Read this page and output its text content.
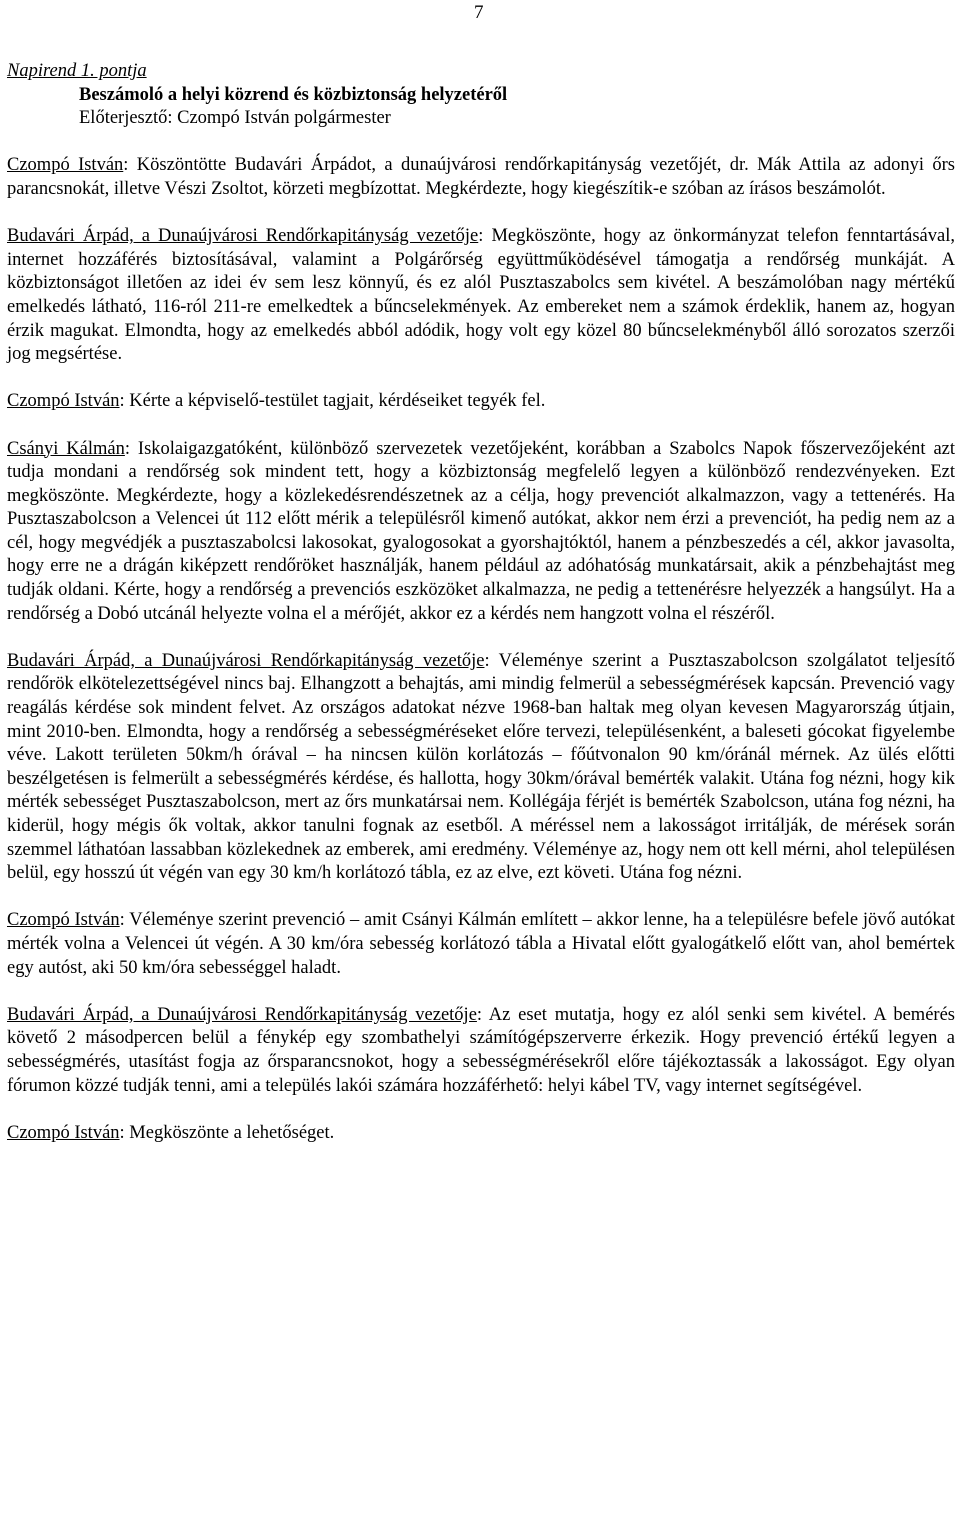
7
Napirend 1. pontja
Beszámoló a helyi közrend és közbiztonság helyzetéről
Előterjesztő: Czompó István polgármester

Czompó István: Köszöntötte Budavári Árpádot, a dunaújvárosi rendőrkapitányság vezetőjét, dr. Mák Attila az adonyi őrs parancsnokát, illetve Vészi Zsoltot, körzeti megbízottat. Megkérdezte, hogy kiegészítik-e szóban az írásos beszámolót.

Budavári Árpád, a Dunaújvárosi Rendőrkapitányság vezetője: Megköszönte, hogy az önkormányzat telefon fenntartásával, internet hozzáférés biztosításával, valamint a Polgárőrség együttműködésével támogatja a rendőrség munkáját. A közbiztonságot illetően az idei év sem lesz könnyű, és ez alól Pusztaszabolcs sem kivétel. A beszámolóban nagy mértékű emelkedés látható, 116-ról 211-re emelkedtek a bűncselekmények. Az embereket nem a számok érdeklik, hanem az, hogyan érzik magukat. Elmondta, hogy az emelkedés abból adódik, hogy volt egy közel 80 bűncselekményből álló sorozatos szerzői jog megsértése.

Czompó István: Kérte a képviselő-testület tagjait, kérdéseiket tegyék fel.

Csányi Kálmán: Iskolaigazgatóként, különböző szervezetek vezetőjeként, korábban a Szabolcs Napok főszervezőjeként azt tudja mondani a rendőrség sok mindent tett, hogy a közbiztonság megfelelő legyen a különböző rendezvényeken. Ezt megköszönte. Megkérdezte, hogy a közlekedésrendészetnek az a célja, hogy prevenciót alkalmazzon, vagy a tettenérés. Ha Pusztaszabolcson a Velencei út 112 előtt mérik a településről kimenő autókat, akkor nem érzi a prevenciót, ha pedig nem az a cél, hogy megvédjék a pusztaszabolcsi lakosokat, gyalogosokat a gyorshajtóktól, hanem a pénzbeszedés a cél, akkor javasolta, hogy erre ne a drágán kiképzett rendőröket használják, hanem például az adóhatóság munkatársait, akik a pénzbehajtást meg tudják oldani. Kérte, hogy a rendőrség a prevenciós eszközöket alkalmazza, ne pedig a tettenérésre helyezzék a hangsúlyt. Ha a rendőrség a Dobó utcánál helyezte volna el a mérőjét, akkor ez a kérdés nem hangzott volna el részéről.

Budavári Árpád, a Dunaújvárosi Rendőrkapitányság vezetője: Véleménye szerint a Pusztaszabolcson szolgálatot teljesítő rendőrök elkötelezettségével nincs baj. Elhangzott a behajtás, ami mindig felmerül a sebességmérések kapcsán. Prevenció vagy reagálás kérdése sok mindent felvet. Az országos adatokat nézve 1968-ban haltak meg olyan kevesen Magyarország útjain, mint 2010-ben. Elmondta, hogy a rendőrség a sebességméréseket előre tervezi, településenként, a baleseti gócokat figyelembe véve. Lakott területen 50km/h órával – ha nincsen külön korlátozás – főútvonalon 90 km/óránál mérnek. Az ülés előtti beszélgetésen is felmerült a sebességmérés kérdése, és hallotta, hogy 30km/órával bemérték valakit. Utána fog nézni, hogy kik mérték sebességet Pusztaszabolcson, mert az őrs munkatársai nem. Kollégája férjét is bemérték Szabolcson, utána fog nézni, ha kiderül, hogy mégis ők voltak, akkor tanulni fognak az esetből. A méréssel nem a lakosságot irritálják, de mérések során szemmel láthatóan lassabban közlekednek az emberek, ami eredmény. Véleménye az, hogy nem ott kell mérni, ahol településen belül, egy hosszú út végén van egy 30 km/h korlátozó tábla, ez az elve, ezt követi. Utána fog nézni.

Czompó István: Véleménye szerint prevenció – amit Csányi Kálmán említett – akkor lenne, ha a településre befele jövő autókat mérték volna a Velencei út végén. A 30 km/óra sebesség korlátozó tábla a Hivatal előtt gyalogátkelő előtt van, ahol bemértek egy autóst, aki 50 km/óra sebességgel haladt.

Budavári Árpád, a Dunaújvárosi Rendőrkapitányság vezetője: Az eset mutatja, hogy ez alól senki sem kivétel. A bemérés követő 2 másodpercen belül a fénykép egy szombathelyi számítógépszerverre érkezik. Hogy prevenció értékű legyen a sebességmérés, utasítást fogja az őrsparancsnokot, hogy a sebességmérésekről előre tájékoztassák a lakosságot. Egy olyan fórumon közzé tudják tenni, ami a település lakói számára hozzáférhető: helyi kábel TV, vagy internet segítségével.

Czompó István: Megköszönte a lehetőséget.
